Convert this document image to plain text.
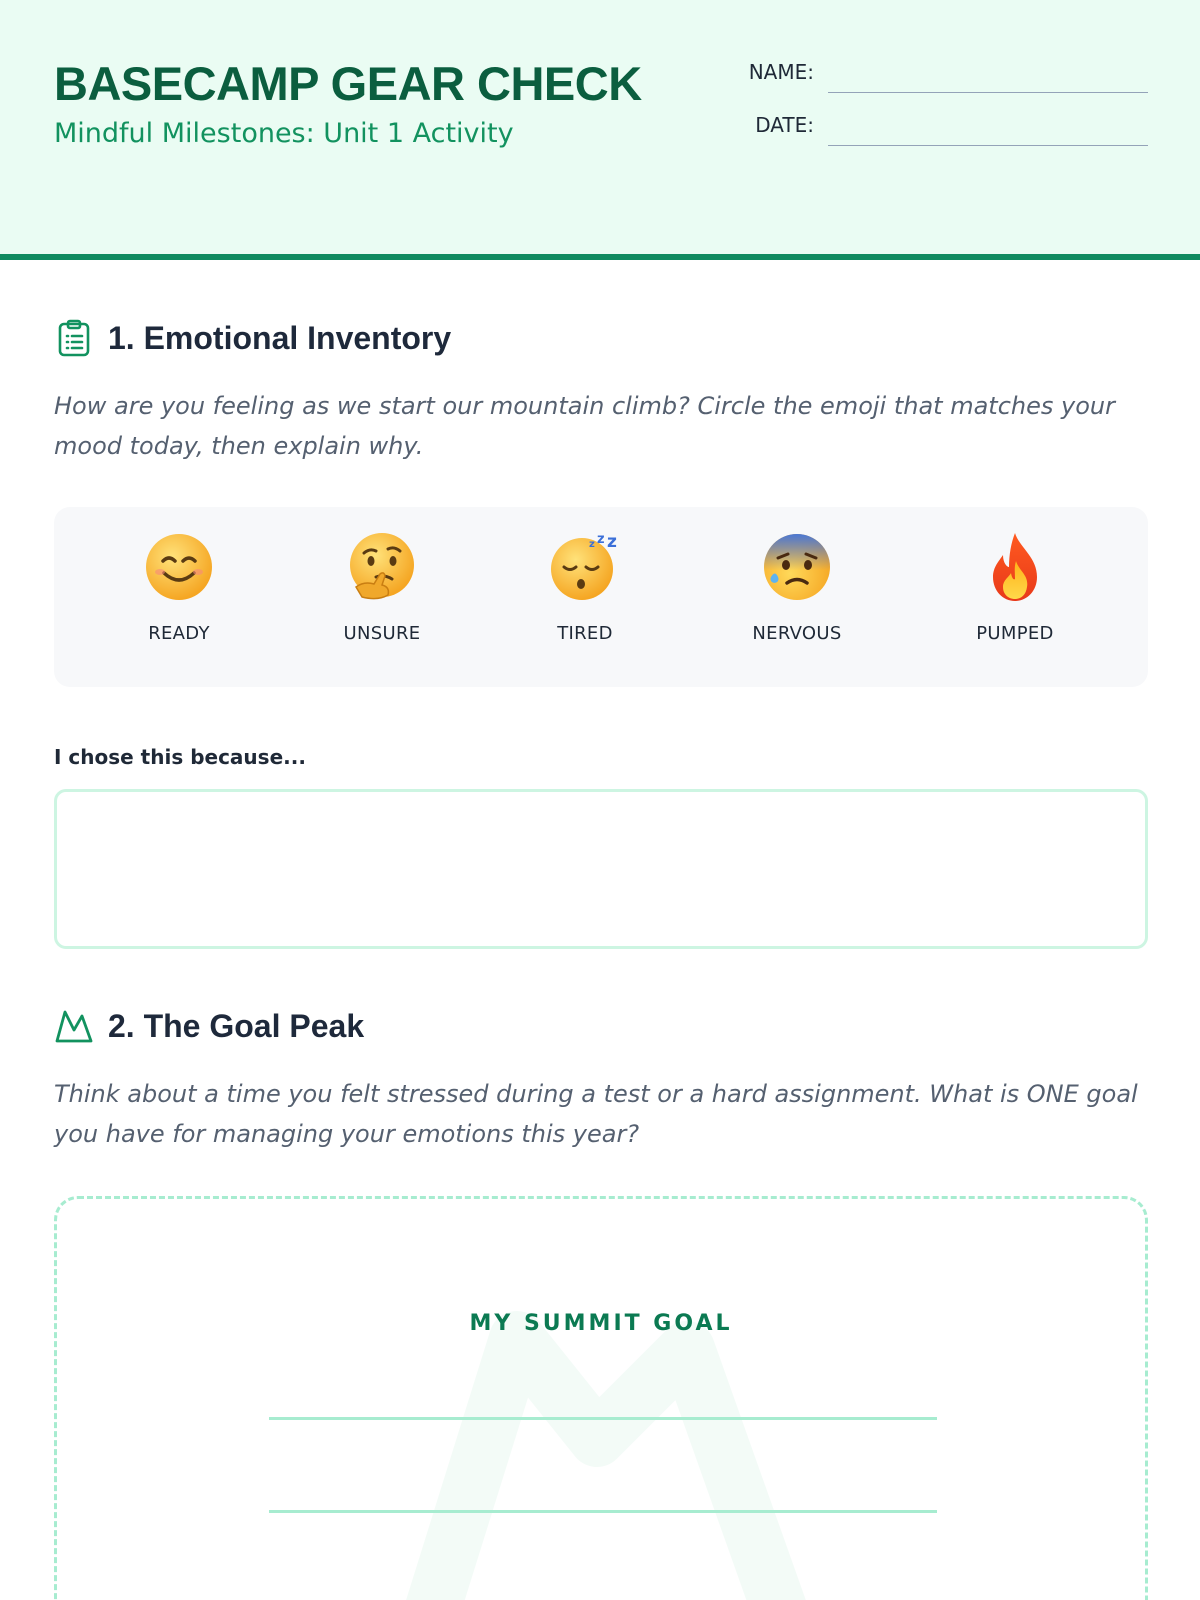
BASECAMP GEAR CHECK
Mindful Milestones: Unit 1 Activity
NAME:
DATE:
1. Emotional Inventory

How are you feeling as we start our mountain climb? Circle the emoji that matches your mood today, then explain why.

READY	UNSURE
z z z
TIRED	NERVOUS	PUMPED
I chose this because...
2. The Goal Peak

Think about a time you felt stressed during a test or a hard assignment. What is ONE goal you have for managing your emotions this year?

MY SUMMIT GOAL
